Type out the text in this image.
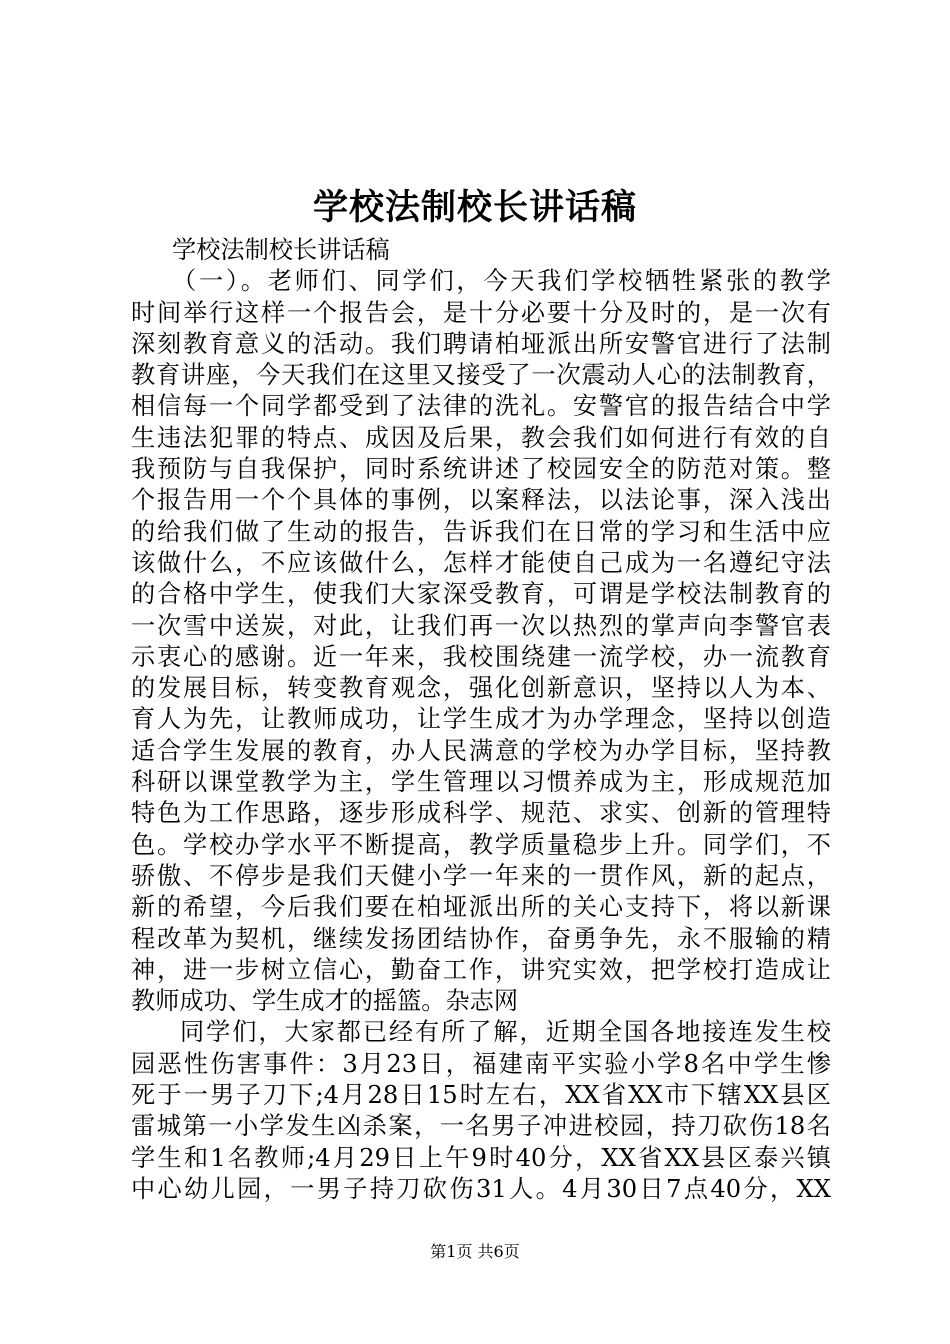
学校法制校长讲话稿
学校法制校长讲话稿
（一）。老师们、同学们，今天我们学校牺牲紧张的教学
时间举行这样一个报告会，是十分必要十分及时的，是一次有
深刻教育意义的活动。我们聘请柏垭派出所安警官进行了法制
教育讲座，今天我们在这里又接受了一次震动人心的法制教育，
相信每一个同学都受到了法律的洗礼。安警官的报告结合中学
生违法犯罪的特点、成因及后果，教会我们如何进行有效的自
我预防与自我保护，同时系统讲述了校园安全的防范对策。整
个报告用一个个具体的事例，以案释法，以法论事，深入浅出
的给我们做了生动的报告，告诉我们在日常的学习和生活中应
该做什么，不应该做什么，怎样才能使自己成为一名遵纪守法
的合格中学生，使我们大家深受教育，可谓是学校法制教育的
一次雪中送炭，对此，让我们再一次以热烈的掌声向李警官表
示衷心的感谢。近一年来，我校围绕建一流学校，办一流教育
的发展目标，转变教育观念，强化创新意识，坚持以人为本、
育人为先，让教师成功，让学生成才为办学理念，坚持以创造
适合学生发展的教育，办人民满意的学校为办学目标，坚持教
科研以课堂教学为主，学生管理以习惯养成为主，形成规范加
特色为工作思路，逐步形成科学、规范、求实、创新的管理特
色。学校办学水平不断提高，教学质量稳步上升。同学们，不
骄傲、不停步是我们天健小学一年来的一贯作风，新的起点，
新的希望，今后我们要在柏垭派出所的关心支持下，将以新课
程改革为契机，继续发扬团结协作，奋勇争先，永不服输的精
神，进一步树立信心，勤奋工作，讲究实效，把学校打造成让
教师成功、学生成才的摇篮。杂志网
同学们，大家都已经有所了解，近期全国各地接连发生校
园恶性伤害事件：3月23日，福建南平实验小学8名中学生惨
死于一男子刀下;4月28日15时左右，XX省XX市下辖XX县区
雷城第一小学发生凶杀案，一名男子冲进校园，持刀砍伤18名
学生和1名教师;4月29日上午9时40分，XX省XX县区泰兴镇
中心幼儿园，一男子持刀砍伤31人。4月30日7点40分，XX
第1页 共6页
